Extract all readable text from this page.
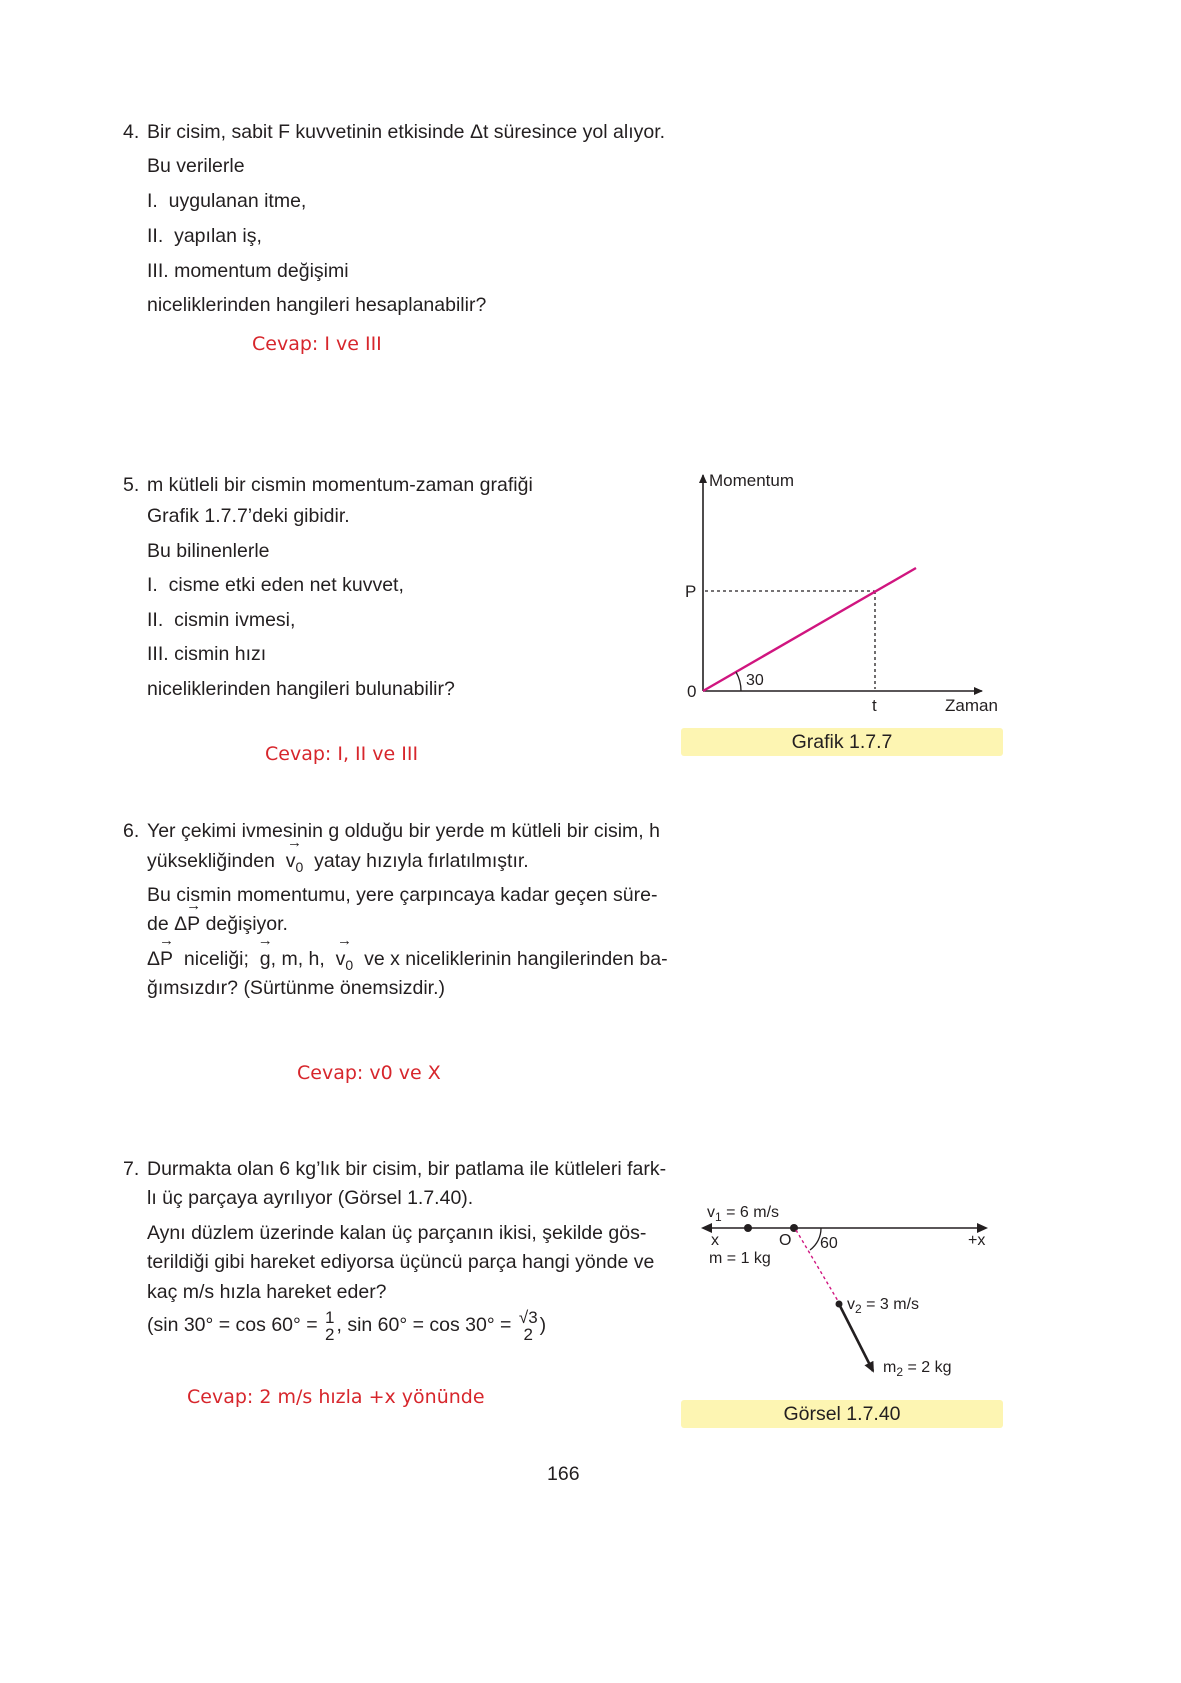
4. Bir cisim, sabit F kuvvetinin etkisinde Δt süresince yol alıyor.
Bu verilerle
I.  uygulanan itme,
II.  yapılan iş,
III. momentum değişimi
niceliklerinden hangileri hesaplanabilir?
Cevap: I ve III
5. m kütleli bir cismin momentum-zaman grafiği
Grafik 1.7.7’deki gibidir.
Bu bilinenlerle
I.  cisme etki eden net kuvvet,
II.  cismin ivmesi,
III. cismin hızı
niceliklerinden hangileri bulunabilir?
Cevap: I, II ve III
Momentum
Zaman
P
0
t
30
Grafik 1.7.7
6. Yer çekimi ivmesinin g olduğu bir yerde m kütleli bir cisim, h
yüksekliğinden → $v_0$ yatay hızıyla fırlatılmıştır.
Bu cismin momentumu, yere çarpıncaya kadar geçen süre-
de Δ→ P değişiyor.
Δ→ P niceliği; → g, m, h, → $v_0$ ve x niceliklerinin hangilerinden ba-
ğımsızdır? (Sürtünme önemsizdir.)
Cevap: v0 ve X
7. Durmakta olan 6 kg’lık bir cisim, bir patlama ile kütleleri fark-
lı üç parçaya ayrılıyor (Görsel 1.7.40).
Aynı düzlem üzerinde kalan üç parçanın ikisi, şekilde gös-
terildiği gibi hareket ediyorsa üçüncü parça hangi yönde ve
kaç m/s hızla hareket eder?
(sin 30° = cos 60° = 1
2 , sin 60° = cos 30° = √3
2 )
Cevap: 2 m/s hızla +x yönünde
$v_1 = 6$ m/s
x	O 60	+x
m = 1 kg
$v_2 = 3$ m/s
$m_2 = 2$ kg
Görsel 1.7.40
166
